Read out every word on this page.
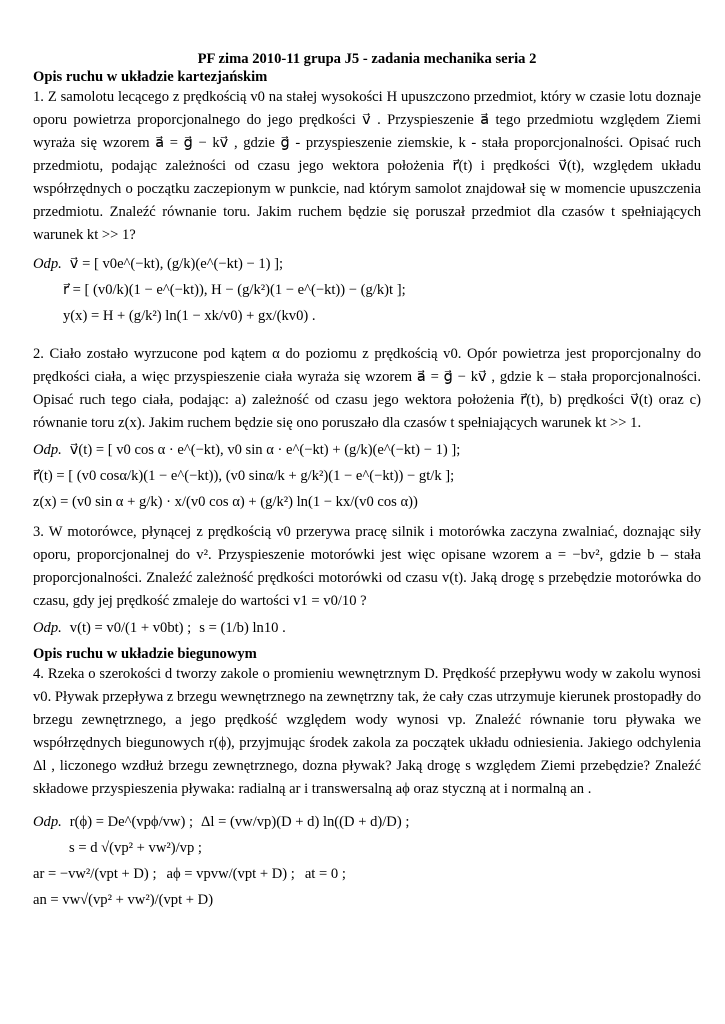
PF zima 2010-11 grupa J5 - zadania mechanika seria 2

Opis ruchu w układzie kartezjańskim

1. Z samolotu lecącego z prędkością v0 na stałej wysokości H upuszczono przedmiot, który w czasie lotu doznaje oporu powietrza proporcjonalnego do jego prędkości v⃗ . Przyspieszenie a⃗ tego przedmiotu względem Ziemi wyraża się wzorem a⃗ = g⃗ − kv⃗ , gdzie g⃗ - przyspieszenie ziemskie, k - stała proporcjonalności. Opisać ruch przedmiotu, podając zależności od czasu jego wektora położenia r⃗(t) i prędkości v⃗(t), względem układu współrzędnych o początku zaczepionym w punkcie, nad którym samolot znajdował się w momencie upuszczenia przedmiotu. Znaleźć równanie toru. Jakim ruchem będzie się poruszał przedmiot dla czasów t spełniających warunek kt >> 1?

Odp. v⃗ = [ v0e^(−kt), (g/k)(e^(−kt) − 1) ];
r⃗ = [ (v0/k)(1 − e^(−kt)), H − (g/k²)(1 − e^(−kt)) − (g/k)t ];
y(x) = H + (g/k²) ln(1 − xk/v0) + gx/(kv0) .

2. Ciało zostało wyrzucone pod kątem α do poziomu z prędkością v0. Opór powietrza jest proporcjonalny do prędkości ciała, a więc przyspieszenie ciała wyraża się wzorem a⃗ = g⃗ − kv⃗ , gdzie k – stała proporcjonalności. Opisać ruch tego ciała, podając: a) zależność od czasu jego wektora położenia r⃗(t), b) prędkości v⃗(t) oraz c) równanie toru z(x). Jakim ruchem będzie się ono poruszało dla czasów t spełniających warunek kt >> 1.

Odp. v⃗(t) = [ v0 cos α · e^(−kt), v0 sin α · e^(−kt) + (g/k)(e^(−kt) − 1) ];
r⃗(t) = [ (v0 cosα/k)(1 − e^(−kt)), (v0 sinα/k + g/k²)(1 − e^(−kt)) − gt/k ];
z(x) = (v0 sin α + g/k) · x/(v0 cos α) + (g/k²) ln(1 − kx/(v0 cos α))

3. W motorówce, płynącej z prędkością v0 przerywa pracę silnik i motorówka zaczyna zwalniać, doznając siły oporu, proporcjonalnej do v². Przyspieszenie motorówki jest więc opisane wzorem a = −bv², gdzie b – stała proporcjonalności. Znaleźć zależność prędkości motorówki od czasu v(t). Jaką drogę s przebędzie motorówka do czasu, gdy jej prędkość zmaleje do wartości v1 = v0/10 ?

Odp. v(t) = v0/(1 + v0bt) ; s = (1/b) ln10 .

Opis ruchu w układzie biegunowym

4. Rzeka o szerokości d tworzy zakole o promieniu wewnętrznym D. Prędkość przepływu wody w zakolu wynosi v0. Pływak przepływa z brzegu wewnętrznego na zewnętrzny tak, że cały czas utrzymuje kierunek prostopadły do brzegu zewnętrznego, a jego prędkość względem wody wynosi vp. Znaleźć równanie toru pływaka we współrzędnych biegunowych r(ϕ), przyjmując środek zakola za początek układu odniesienia. Jakiego odchylenia Δl , liczonego wzdłuż brzegu zewnętrznego, dozna pływak? Jaką drogę s względem Ziemi przebędzie? Znaleźć składowe przyspieszenia pływaka: radialną ar i transwersalną aϕ oraz styczną at i normalną an .

Odp. r(ϕ) = De^(vpϕ/vw) ; Δl = (vw/vp)(D + d) ln((D + d)/D) ;
s = d √(vp² + vw²)/vp ;
ar = −vw²/(vpt + D) ; aϕ = vpvw/(vpt + D) ; at = 0 ;
an = vw√(vp² + vw²)/(vpt + D)
